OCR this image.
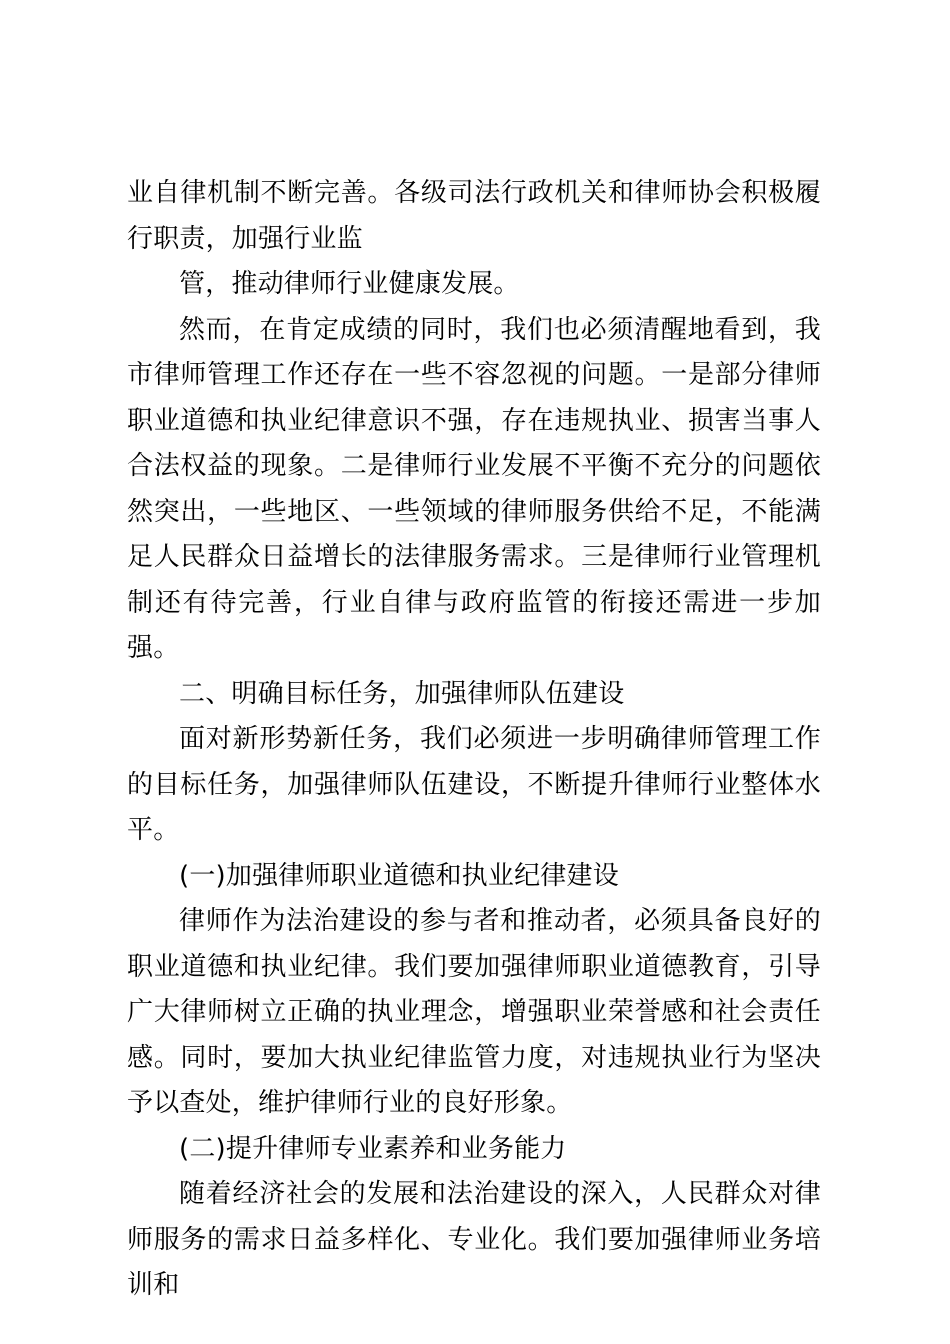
业自律机制不断完善。各级司法行政机关和律师协会积极履行职责，加强行业监

管，推动律师行业健康发展。

然而，在肯定成绩的同时，我们也必须清醒地看到，我市律师管理工作还存在一些不容忽视的问题。一是部分律师职业道德和执业纪律意识不强，存在违规执业、损害当事人合法权益的现象。二是律师行业发展不平衡不充分的问题依然突出，一些地区、一些领域的律师服务供给不足，不能满足人民群众日益增长的法律服务需求。三是律师行业管理机制还有待完善，行业自律与政府监管的衔接还需进一步加强。

二、明确目标任务，加强律师队伍建设

面对新形势新任务，我们必须进一步明确律师管理工作的目标任务，加强律师队伍建设，不断提升律师行业整体水平。

(一)加强律师职业道德和执业纪律建设

律师作为法治建设的参与者和推动者，必须具备良好的职业道德和执业纪律。我们要加强律师职业道德教育，引导广大律师树立正确的执业理念，增强职业荣誉感和社会责任感。同时，要加大执业纪律监管力度，对违规执业行为坚决予以查处，维护律师行业的良好形象。

(二)提升律师专业素养和业务能力

随着经济社会的发展和法治建设的深入，人民群众对律师服务的需求日益多样化、专业化。我们要加强律师业务培训和
